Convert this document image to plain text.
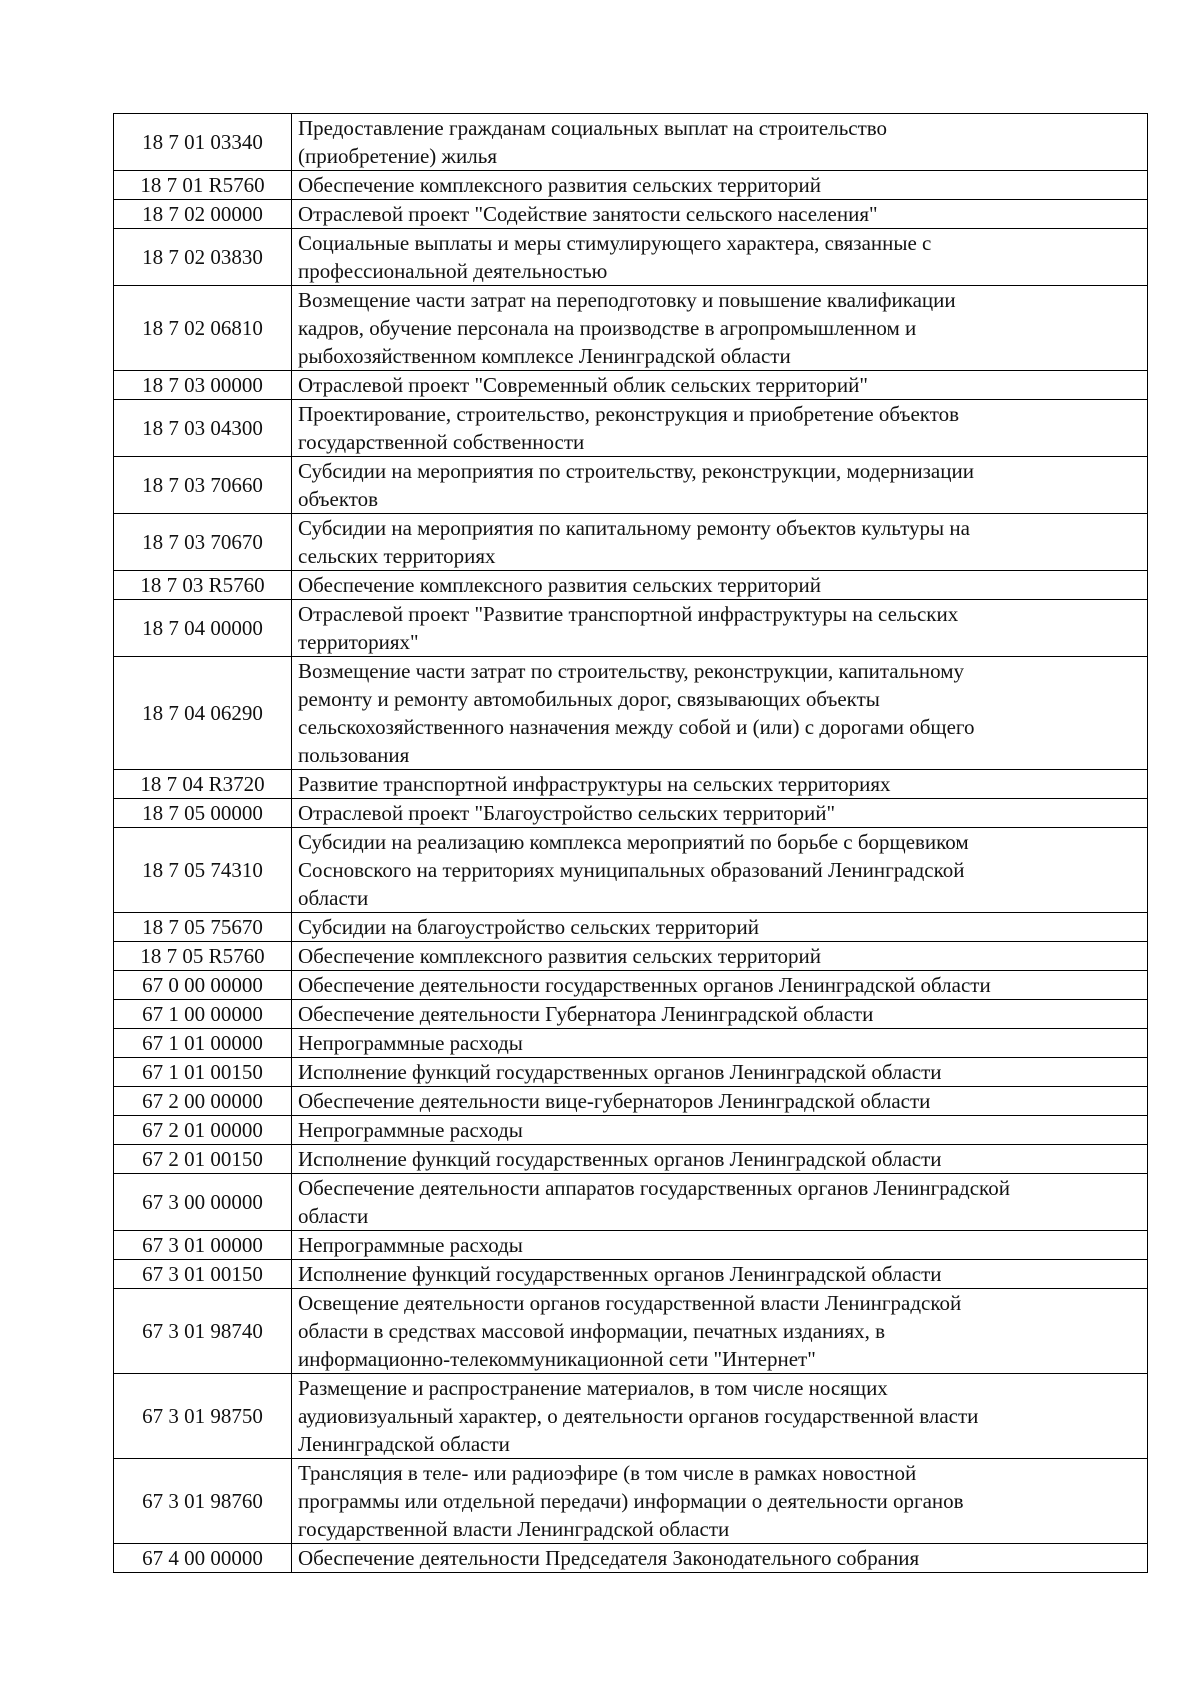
18 7 01 03340	Предоставление гражданам социальных выплат на строительство
(приобретение) жилья
18 7 01 R5760	Обеспечение комплексного развития сельских территорий
18 7 02 00000	Отраслевой проект "Содействие занятости сельского населения"
18 7 02 03830	Социальные выплаты и меры стимулирующего характера, связанные с
профессиональной деятельностью
18 7 02 06810	Возмещение части затрат на переподготовку и повышение квалификации
кадров, обучение персонала на производстве в агропромышленном и
рыбохозяйственном комплексе Ленинградской области
18 7 03 00000	Отраслевой проект "Современный облик сельских территорий"
18 7 03 04300	Проектирование, строительство, реконструкция и приобретение объектов
государственной собственности
18 7 03 70660	Субсидии на мероприятия по строительству, реконструкции, модернизации
объектов
18 7 03 70670	Субсидии на мероприятия по капитальному ремонту объектов культуры на
сельских территориях
18 7 03 R5760	Обеспечение комплексного развития сельских территорий
18 7 04 00000	Отраслевой проект "Развитие транспортной инфраструктуры на сельских
территориях"
18 7 04 06290	Возмещение части затрат по строительству, реконструкции, капитальному
ремонту и ремонту автомобильных дорог, связывающих объекты
сельскохозяйственного назначения между собой и (или) с дорогами общего
пользования
18 7 04 R3720	Развитие транспортной инфраструктуры на сельских территориях
18 7 05 00000	Отраслевой проект "Благоустройство сельских территорий"
18 7 05 74310	Субсидии на реализацию комплекса мероприятий по борьбе с борщевиком
Сосновского на территориях муниципальных образований Ленинградской
области
18 7 05 75670	Субсидии на благоустройство сельских территорий
18 7 05 R5760	Обеспечение комплексного развития сельских территорий
67 0 00 00000	Обеспечение деятельности государственных органов Ленинградской области
67 1 00 00000	Обеспечение деятельности Губернатора Ленинградской области
67 1 01 00000	Непрограммные расходы
67 1 01 00150	Исполнение функций государственных органов Ленинградской области
67 2 00 00000	Обеспечение деятельности вице-губернаторов Ленинградской области
67 2 01 00000	Непрограммные расходы
67 2 01 00150	Исполнение функций государственных органов Ленинградской области
67 3 00 00000	Обеспечение деятельности аппаратов государственных органов Ленинградской
области
67 3 01 00000	Непрограммные расходы
67 3 01 00150	Исполнение функций государственных органов Ленинградской области
67 3 01 98740	Освещение деятельности органов государственной власти Ленинградской
области в средствах массовой информации, печатных изданиях, в
информационно-телекоммуникационной сети "Интернет"
67 3 01 98750	Размещение и распространение материалов, в том числе носящих
аудиовизуальный характер, о деятельности органов государственной власти
Ленинградской области
67 3 01 98760	Трансляция в теле- или радиоэфире (в том числе в рамках новостной
программы или отдельной передачи) информации о деятельности органов
государственной власти Ленинградской области
67 4 00 00000	Обеспечение деятельности Председателя Законодательного собрания
